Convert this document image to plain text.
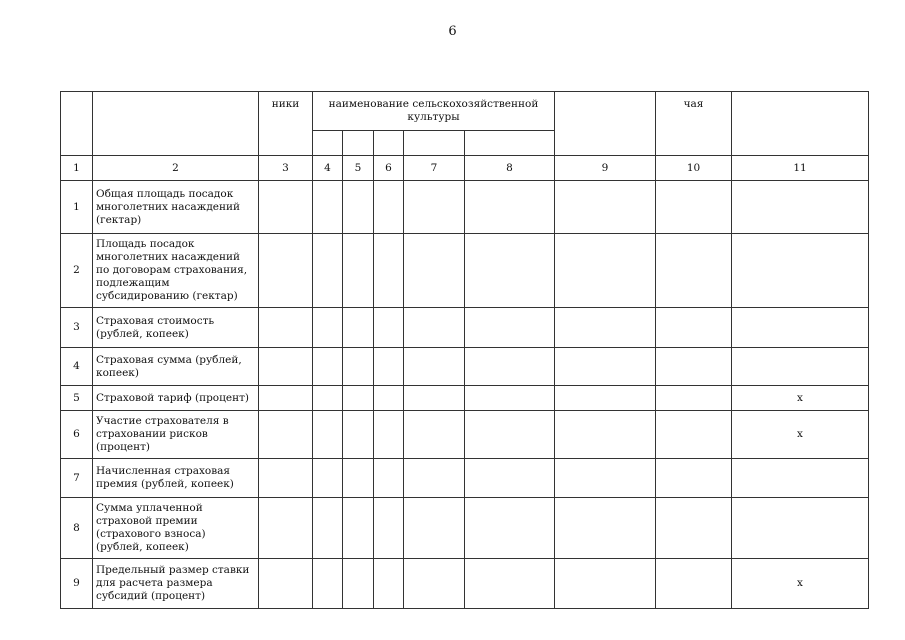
6
		ники	наименование сельскохозяйственной культуры						чая	

1	2	3	4	5	6	7	8	9	10	11
1	Общая площадь посадок многолетних насаждений (гектар)									
2	Площадь посадок многолетних насаждений по договорам страхования, подлежащим субсидированию (гектар)									
3	Страховая стоимость (рублей, копеек)									
4	Страховая сумма (рублей, копеек)									
5	Страховой тариф (процент)									х
6	Участие страхователя в страховании рисков (процент)									х
7	Начисленная страховая премия (рублей, копеек)									
8	Сумма уплаченной страховой премии (страхового взноса) (рублей, копеек)									
9	Предельный размер ставки для расчета размера субсидий (процент)									х
